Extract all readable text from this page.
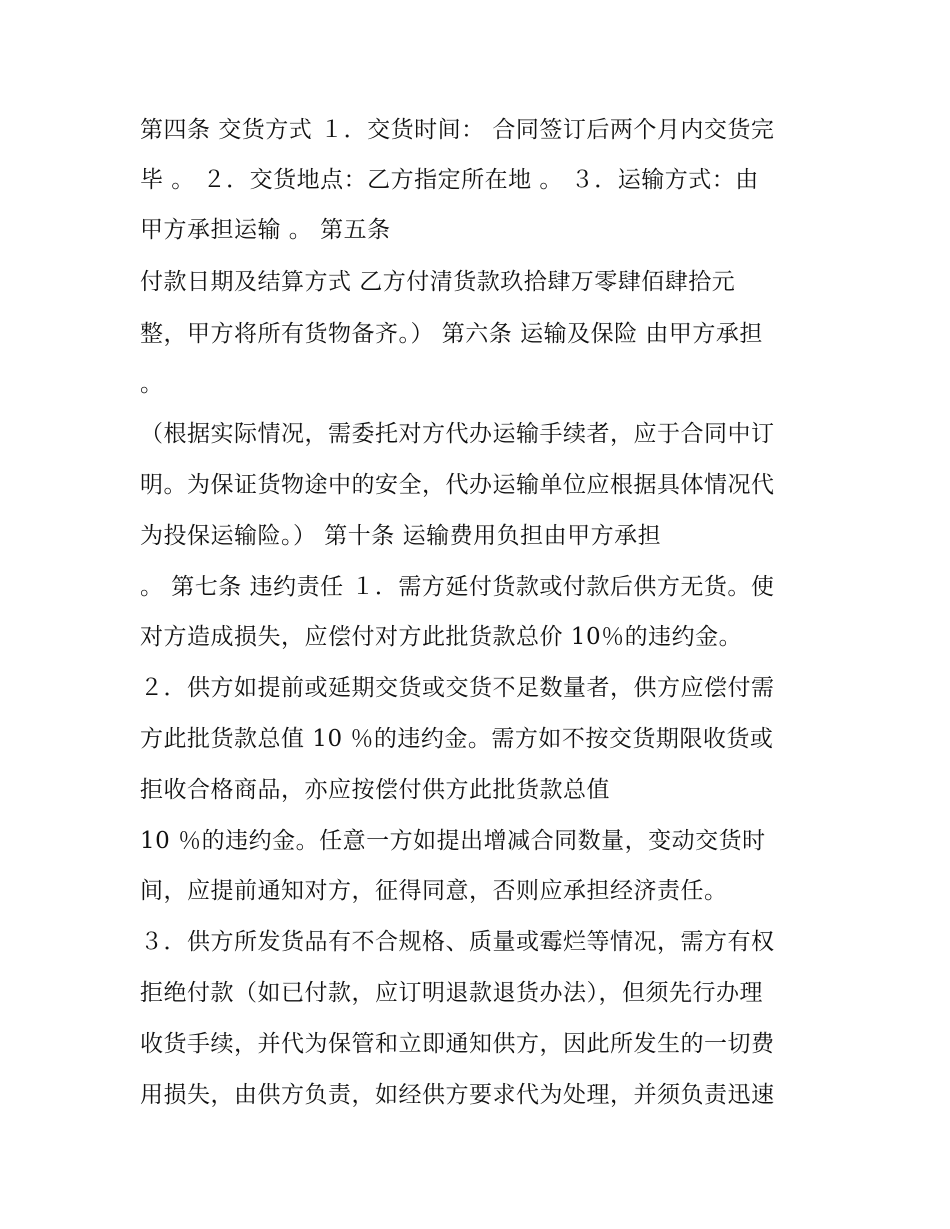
第四条 交货方式 １．交货时间： 合同签订后两个月内交货完
毕 。 ２．交货地点：乙方指定所在地 。 ３．运输方式：由
甲方承担运输 。 第五条
付款日期及结算方式 乙方付清货款玖拾肆万零肆佰肆拾元
整，甲方将所有货物备齐。） 第六条 运输及保险 由甲方承担
。
（根据实际情况，需委托对方代办运输手续者，应于合同中订
明。为保证货物途中的安全，代办运输单位应根据具体情况代
为投保运输险。） 第十条 运输费用负担由甲方承担
。 第七条 违约责任 １．需方延付货款或付款后供方无货。使
对方造成损失，应偿付对方此批货款总价 10％的违约金。
２．供方如提前或延期交货或交货不足数量者，供方应偿付需
方此批货款总值 10 ％的违约金。需方如不按交货期限收货或
拒收合格商品，亦应按偿付供方此批货款总值
10 ％的违约金。任意一方如提出增减合同数量，变动交货时
间，应提前通知对方，征得同意，否则应承担经济责任。
３．供方所发货品有不合规格、质量或霉烂等情况，需方有权
拒绝付款（如已付款，应订明退款退货办法），但须先行办理
收货手续，并代为保管和立即通知供方，因此所发生的一切费
用损失，由供方负责，如经供方要求代为处理，并须负责迅速
